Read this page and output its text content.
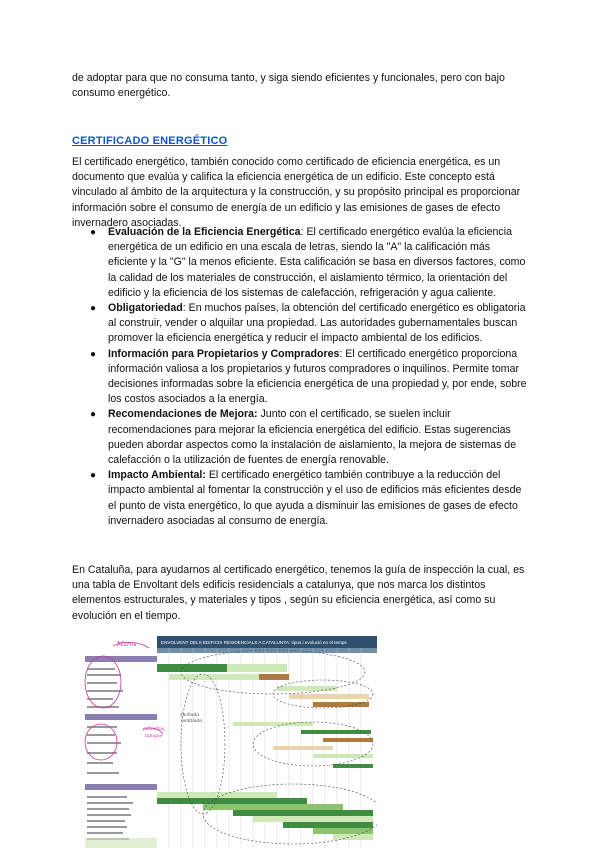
de adoptar para que no consuma tanto, y siga siendo eficientes y funcionales, pero con bajo consumo energético.

CERTIFICADO ENERGÉTICO

El certificado energético, también conocido como certificado de eficiencia energética, es un documento que evalúa y califica la eficiencia energética de un edificio. Este concepto está vinculado al ámbito de la arquitectura y la construcción, y su propósito principal es proporcionar información sobre el consumo de energía de un edificio y las emisiones de gases de efecto invernadero asociadas.

● Evaluación de la Eficiencia Energética: El certificado energético evalúa la eficiencia energética de un edificio en una escala de letras, siendo la "A" la calificación más eficiente y la "G" la menos eficiente. Esta calificación se basa en diversos factores, como la calidad de los materiales de construcción, el aislamiento térmico, la orientación del edificio y la eficiencia de los sistemas de calefacción, refrigeración y agua caliente.
● Obligatoriedad: En muchos países, la obtención del certificado energético es obligatoria al construir, vender o alquilar una propiedad. Las autoridades gubernamentales buscan promover la eficiencia energética y reducir el impacto ambiental de los edificios.
● Información para Propietarios y Compradores: El certificado energético proporciona información valiosa a los propietarios y futuros compradores o inquilinos. Permite tomar decisiones informadas sobre la eficiencia energética de una propiedad y, por ende, sobre los costos asociados a la energía.
● Recomendaciones de Mejora: Junto con el certificado, se suelen incluir recomendaciones para mejorar la eficiencia energética del edificio. Estas sugerencias pueden abordar aspectos como la instalación de aislamiento, la mejora de sistemas de calefacción o la utilización de fuentes de energía renovable.
● Impacto Ambiental: El certificado energético también contribuye a la reducción del impacto ambiental al fomentar la construcción y el uso de edificios más eficientes desde el punto de vista energético, lo que ayuda a disminuir las emisiones de gases de efecto invernadero asociadas al consumo de energía.

En Cataluña, para ayudarnos al certificado energético, tenemos la guía de inspección la cual, es una tabla de Envoltant dels edificis residencials a catalunya, que nos marca los distintos elementos estructurales, y materiales y tipos , según su eficiencia energética, así como su evolución en el tiempo.

ENVOLVENT DELS EDIFICIS RESIDENCIALS A CATALUNYA: tipus i evolució en el temps
Muros
cubiertas
tabique
fachada
ventilada
